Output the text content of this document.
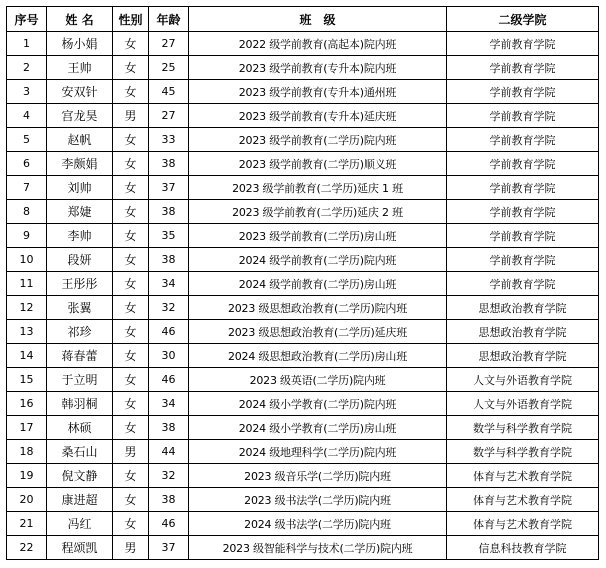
序号	姓 名	性别	年龄	班　级	二级学院
1	杨小娟	女	27	2022 级学前教育(高起本)院内班	学前教育学院
2	王帅	女	25	2023 级学前教育(专升本)院内班	学前教育学院
3	安双针	女	45	2023 级学前教育(专升本)通州班	学前教育学院
4	宫龙昊	男	27	2023 级学前教育(专升本)延庆班	学前教育学院
5	赵帆	女	33	2023 级学前教育(二学历)院内班	学前教育学院
6	李颇娟	女	38	2023 级学前教育(二学历)顺义班	学前教育学院
7	刘帅	女	37	2023 级学前教育(二学历)延庆 1 班	学前教育学院
8	郑婕	女	38	2023 级学前教育(二学历)延庆 2 班	学前教育学院
9	李帅	女	35	2023 级学前教育(二学历)房山班	学前教育学院
10	段妍	女	38	2024 级学前教育(二学历)院内班	学前教育学院
11	王彤彤	女	34	2024 级学前教育(二学历)房山班	学前教育学院
12	张翼	女	32	2023 级思想政治教育(二学历)院内班	思想政治教育学院
13	祁珍	女	46	2023 级思想政治教育(二学历)延庆班	思想政治教育学院
14	蒋春蕾	女	30	2024 级思想政治教育(二学历)房山班	思想政治教育学院
15	于立明	女	46	2023 级英语(二学历)院内班	人文与外语教育学院
16	韩羽桐	女	34	2024 级小学教育(二学历)院内班	人文与外语教育学院
17	林硕	女	38	2024 级小学教育(二学历)房山班	数学与科学教育学院
18	桑石山	男	44	2024 级地理科学(二学历)院内班	数学与科学教育学院
19	倪文静	女	32	2023 级音乐学(二学历)院内班	体育与艺术教育学院
20	康进超	女	38	2023 级书法学(二学历)院内班	体育与艺术教育学院
21	冯红	女	46	2024 级书法学(二学历)院内班	体育与艺术教育学院
22	程颂凯	男	37	2023 级智能科学与技术(二学历)院内班	信息科技教育学院
